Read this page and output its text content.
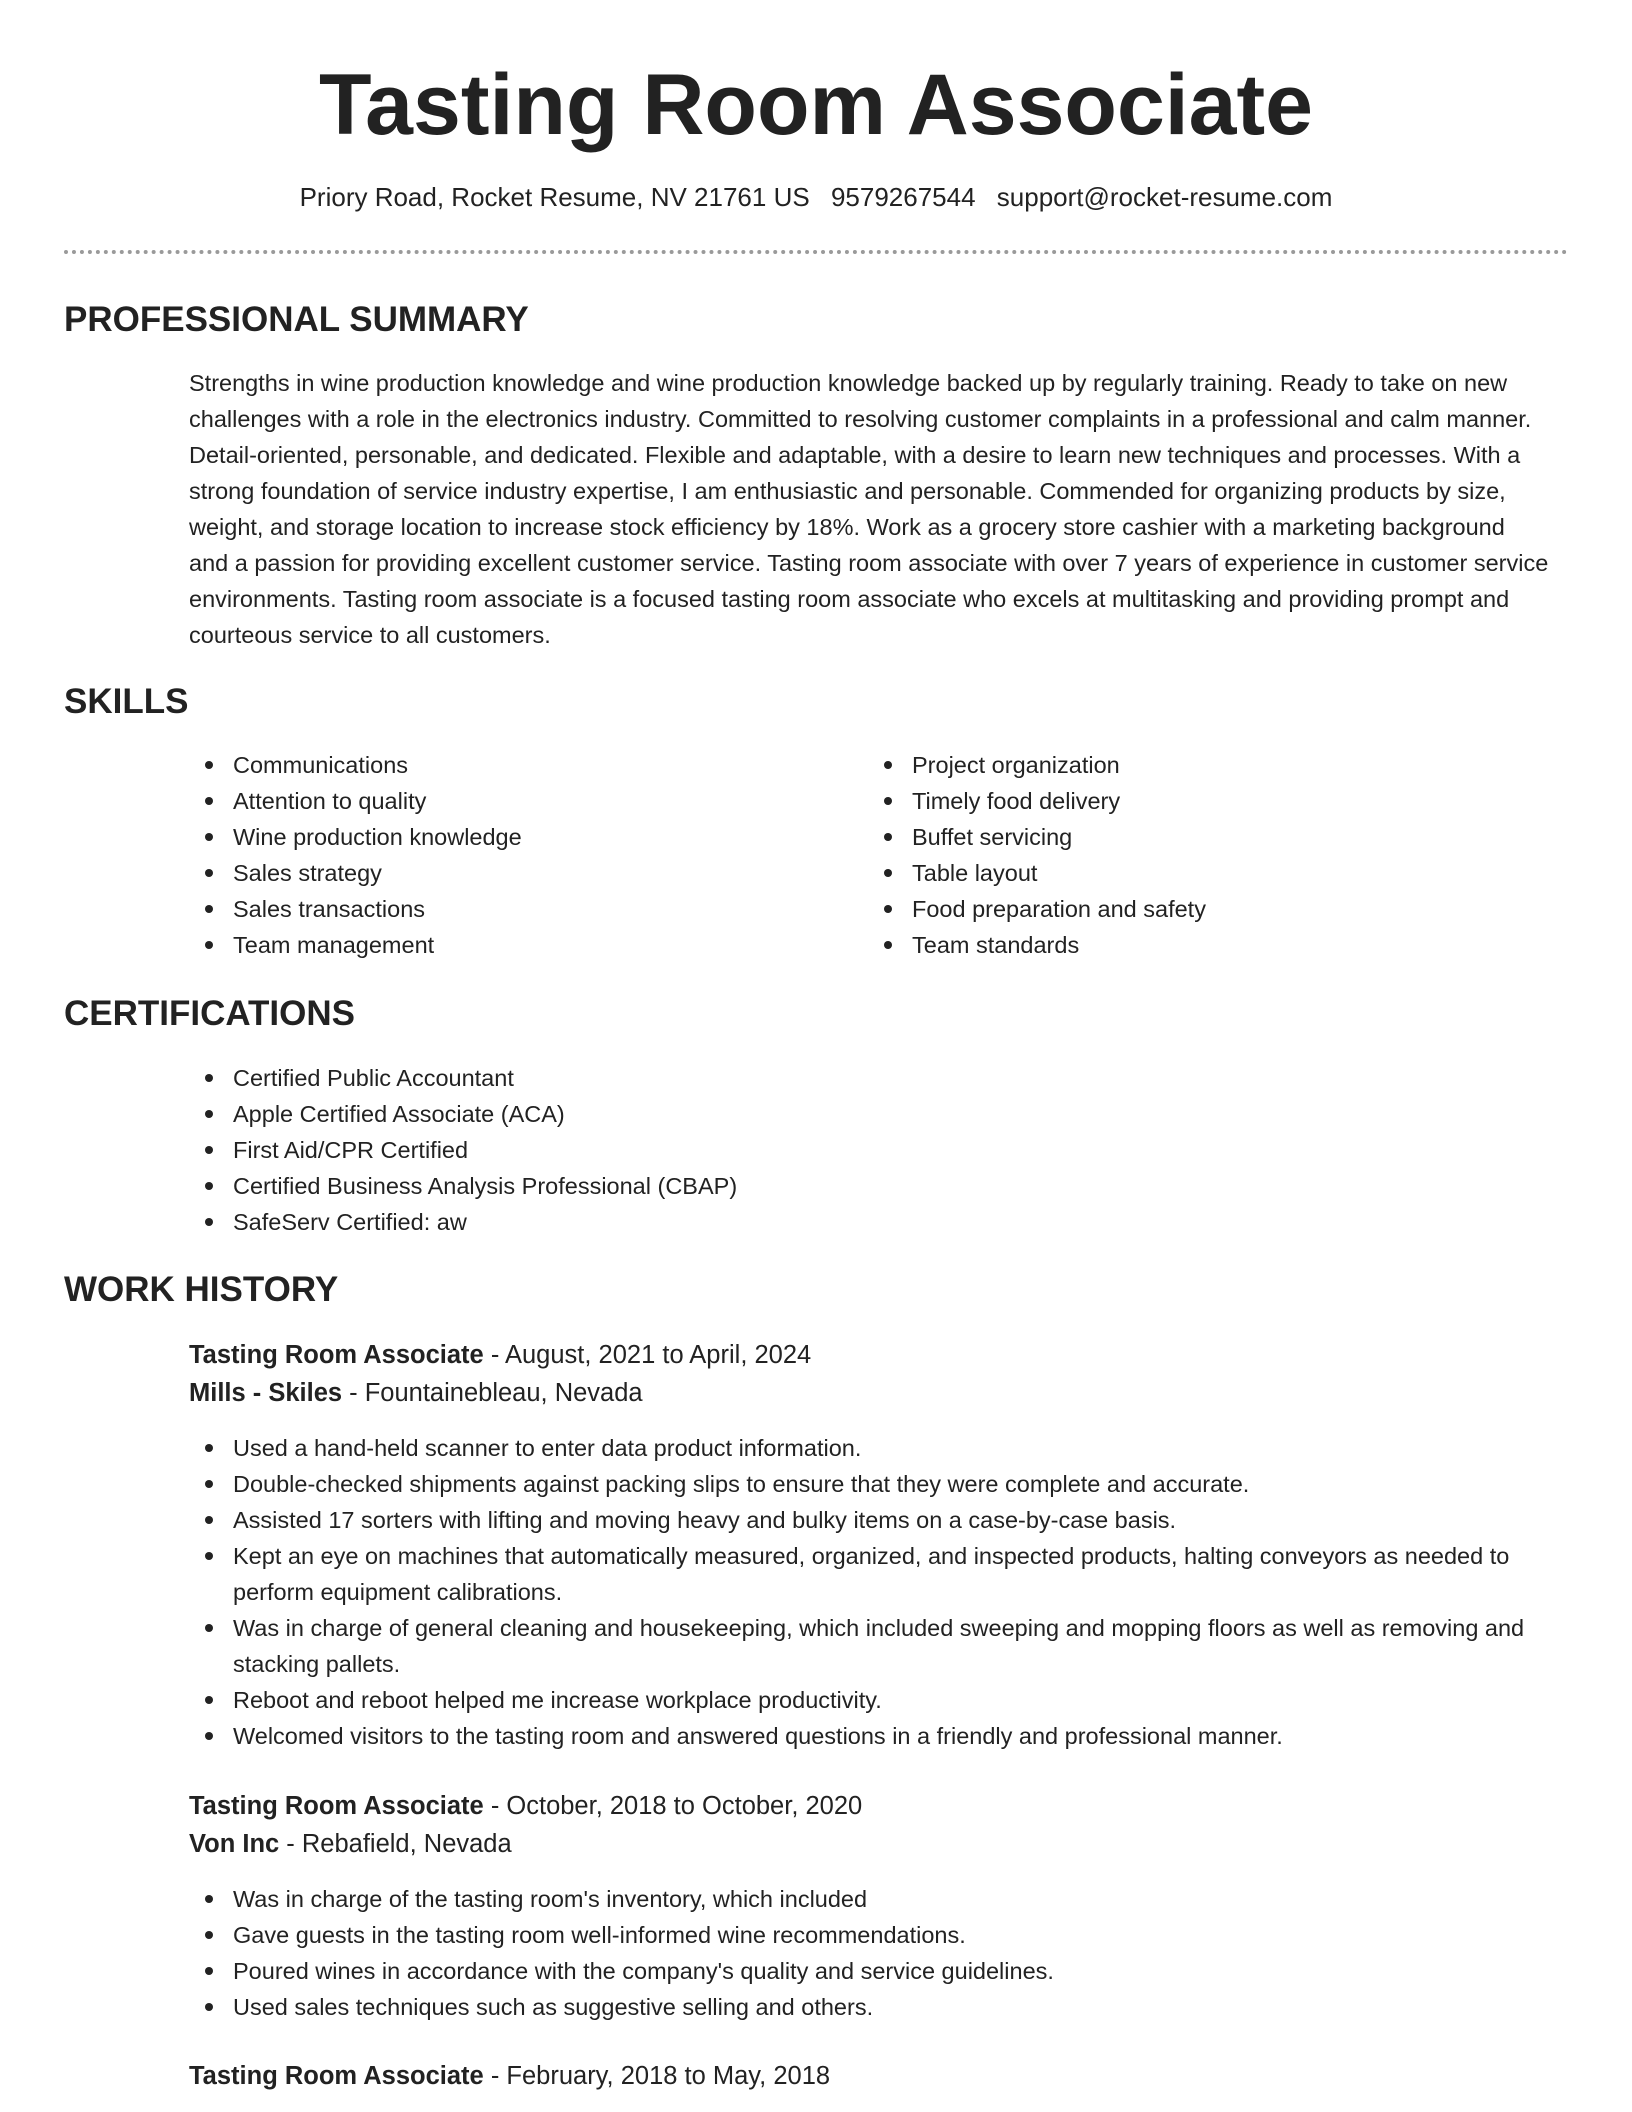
Tasting Room Associate
Priory Road, Rocket Resume, NV 21761 US 9579267544 support@rocket-resume.com
PROFESSIONAL SUMMARY

Strengths in wine production knowledge and wine production knowledge backed up by regularly training. Ready to take on new challenges with a role in the electronics industry. Committed to resolving customer complaints in a professional and calm manner. Detail-oriented, personable, and dedicated. Flexible and adaptable, with a desire to learn new techniques and processes. With a strong foundation of service industry expertise, I am enthusiastic and personable. Commended for organizing products by size, weight, and storage location to increase stock efficiency by 18%. Work as a grocery store cashier with a marketing background and a passion for providing excellent customer service. Tasting room associate with over 7 years of experience in customer service environments. Tasting room associate is a focused tasting room associate who excels at multitasking and providing prompt and courteous service to all customers.

SKILLS
Communications
Attention to quality
Wine production knowledge
Sales strategy
Sales transactions
Team management
Project organization
Timely food delivery
Buffet servicing
Table layout
Food preparation and safety
Team standards
CERTIFICATIONS
Certified Public Accountant
Apple Certified Associate (ACA)
First Aid/CPR Certified
Certified Business Analysis Professional (CBAP)
SafeServ Certified: aw
WORK HISTORY
Tasting Room Associate - August, 2021 to April, 2024
Mills - Skiles - Fountainebleau, Nevada
Used a hand-held scanner to enter data product information.
Double-checked shipments against packing slips to ensure that they were complete and accurate.
Assisted 17 sorters with lifting and moving heavy and bulky items on a case-by-case basis.
Kept an eye on machines that automatically measured, organized, and inspected products, halting conveyors as needed to perform equipment calibrations.
Was in charge of general cleaning and housekeeping, which included sweeping and mopping floors as well as removing and stacking pallets.
Reboot and reboot helped me increase workplace productivity.
Welcomed visitors to the tasting room and answered questions in a friendly and professional manner.
Tasting Room Associate - October, 2018 to October, 2020
Von Inc - Rebafield, Nevada
Was in charge of the tasting room's inventory, which included
Gave guests in the tasting room well-informed wine recommendations.
Poured wines in accordance with the company's quality and service guidelines.
Used sales techniques such as suggestive selling and others.
Tasting Room Associate - February, 2018 to May, 2018
